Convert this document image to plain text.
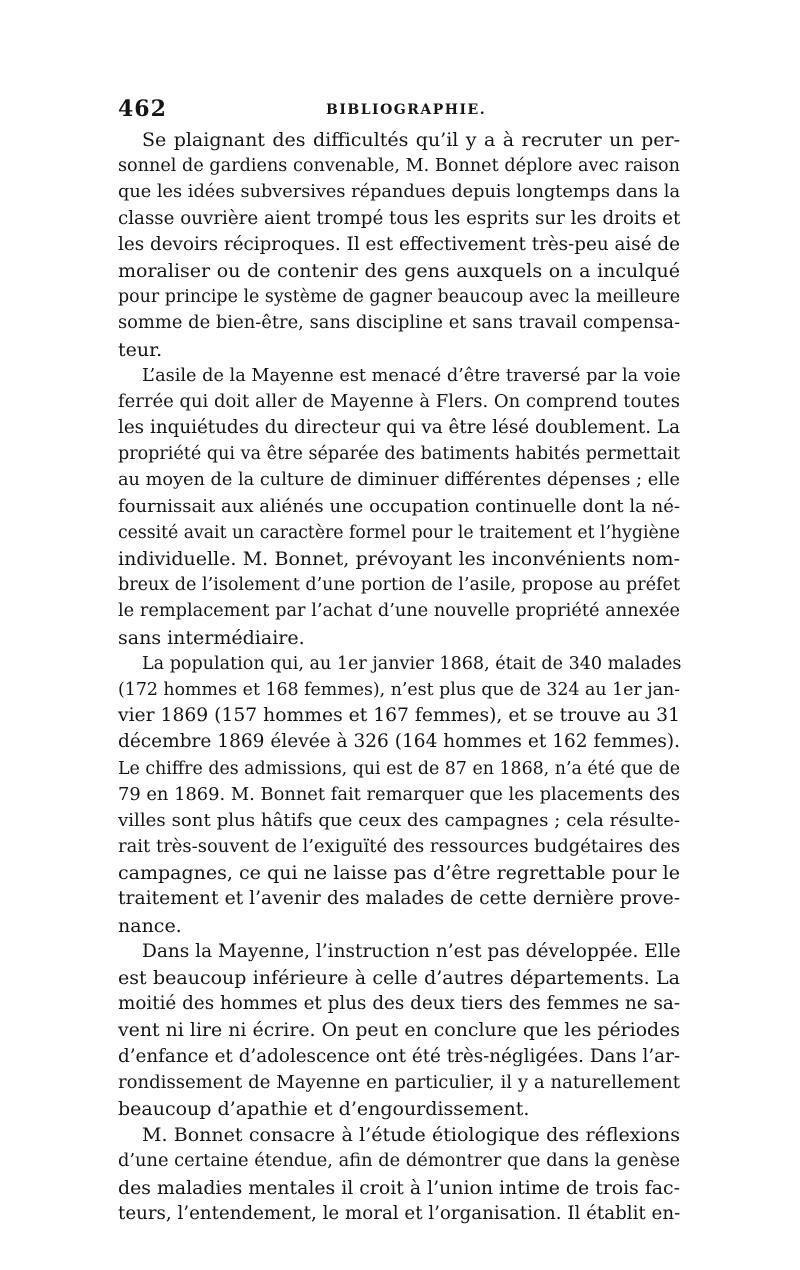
462	BIBLIOGRAPHIE.
Se plaignant des difficultés qu’il y a à recruter un per-
sonnel de gardiens convenable, M. Bonnet déplore avec raison
que les idées subversives répandues depuis longtemps dans la
classe ouvrière aient trompé tous les esprits sur les droits et
les devoirs réciproques. Il est effectivement très-peu aisé de
moraliser ou de contenir des gens auxquels on a inculqué
pour principe le système de gagner beaucoup avec la meilleure
somme de bien-être, sans discipline et sans travail compensa-
teur.
L’asile de la Mayenne est menacé d’être traversé par la voie
ferrée qui doit aller de Mayenne à Flers. On comprend toutes
les inquiétudes du directeur qui va être lésé doublement. La
propriété qui va être séparée des batiments habités permettait
au moyen de la culture de diminuer différentes dépenses ; elle
fournissait aux aliénés une occupation continuelle dont la né-
cessité avait un caractère formel pour le traitement et l’hygiène
individuelle. M. Bonnet, prévoyant les inconvénients nom-
breux de l’isolement d’une portion de l’asile, propose au préfet
le remplacement par l’achat d’une nouvelle propriété annexée
sans intermédiaire.
La population qui, au 1er janvier 1868, était de 340 malades
(172 hommes et 168 femmes), n’est plus que de 324 au 1er jan-
vier 1869 (157 hommes et 167 femmes), et se trouve au 31
décembre 1869 élevée à 326 (164 hommes et 162 femmes).
Le chiffre des admissions, qui est de 87 en 1868, n’a été que de
79 en 1869. M. Bonnet fait remarquer que les placements des
villes sont plus hâtifs que ceux des campagnes ; cela résulte-
rait très-souvent de l’exiguïté des ressources budgétaires des
campagnes, ce qui ne laisse pas d’être regrettable pour le
traitement et l’avenir des malades de cette dernière prove-
nance.
Dans la Mayenne, l’instruction n’est pas développée. Elle
est beaucoup inférieure à celle d’autres départements. La
moitié des hommes et plus des deux tiers des femmes ne sa-
vent ni lire ni écrire. On peut en conclure que les périodes
d’enfance et d’adolescence ont été très-négligées. Dans l’ar-
rondissement de Mayenne en particulier, il y a naturellement
beaucoup d’apathie et d’engourdissement.
M. Bonnet consacre à l’étude étiologique des réflexions
d’une certaine étendue, afin de démontrer que dans la genèse
des maladies mentales il croit à l’union intime de trois fac-
teurs, l’entendement, le moral et l’organisation. Il établit en-
